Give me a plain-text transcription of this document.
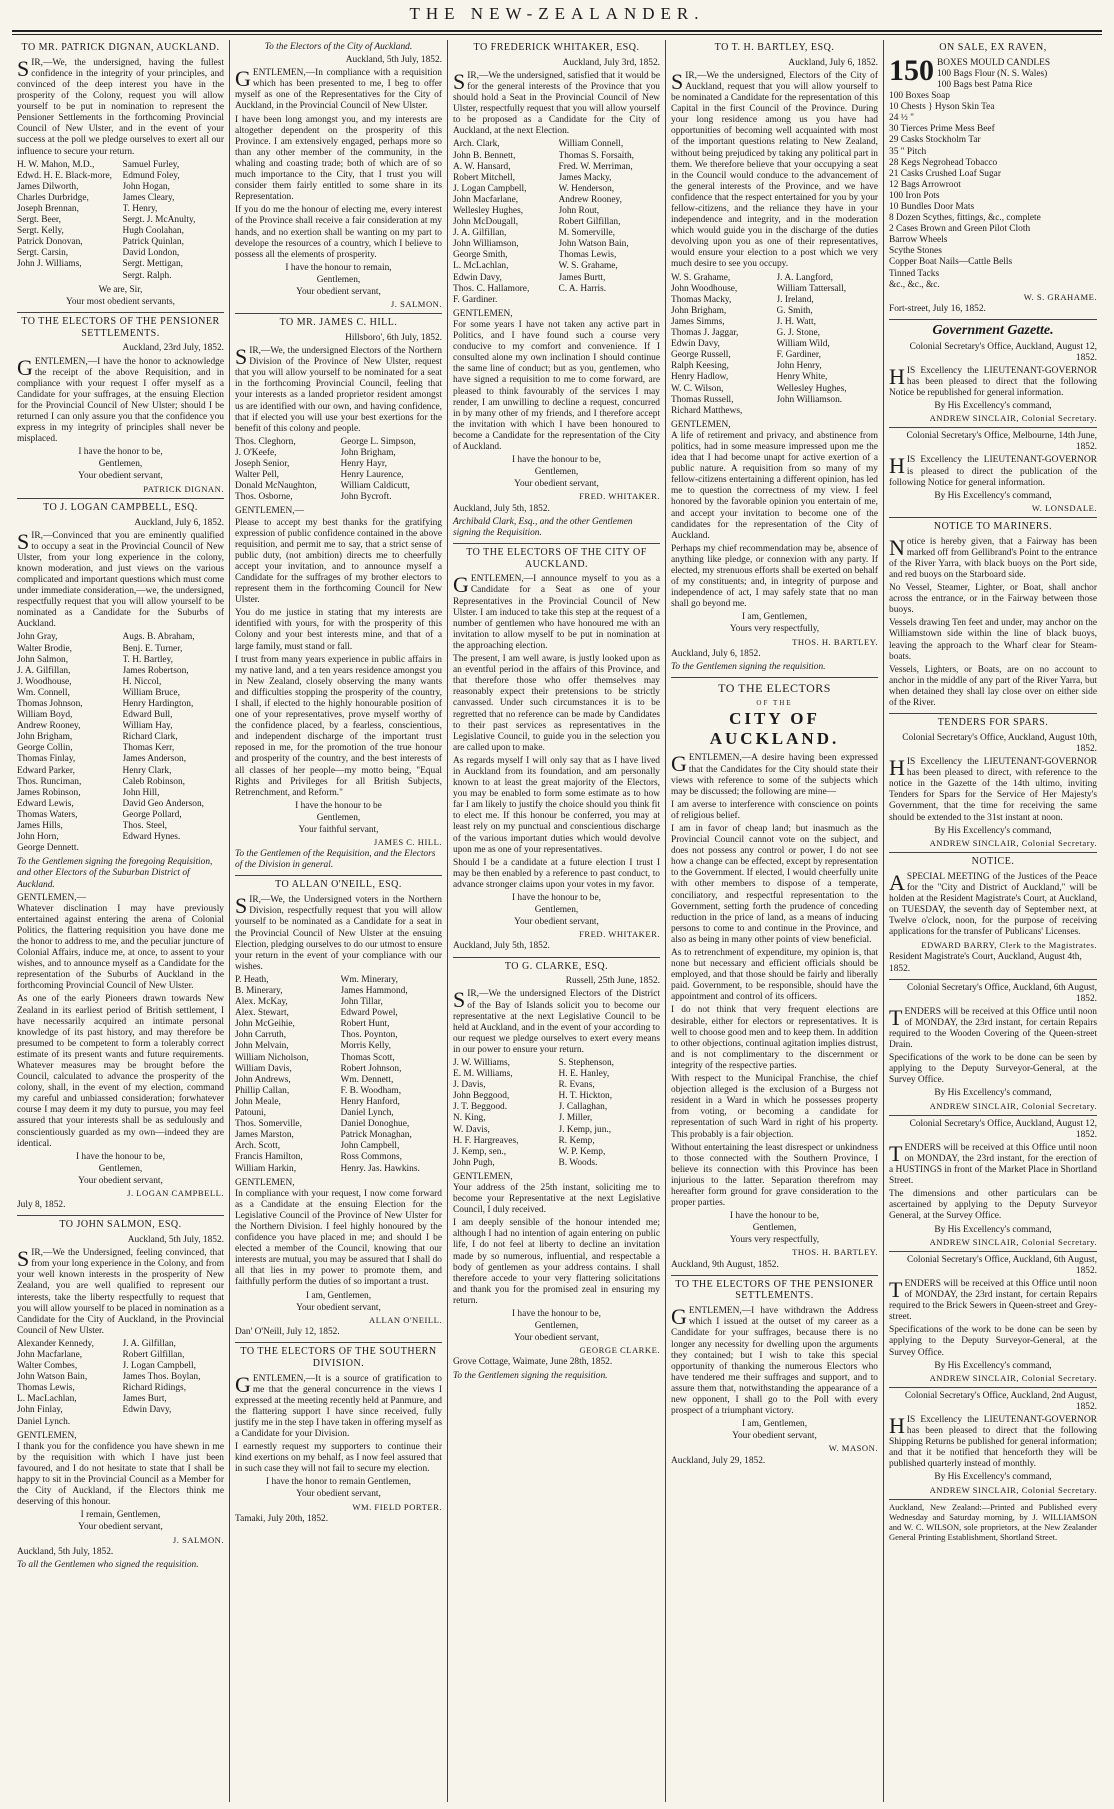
THE NEW-ZEALANDER.
TO MR. PATRICK DIGNAN, AUCKLAND.

SIR,—We, the undersigned, having the fullest confidence in the integrity of your principles, and convinced of the deep interest you have in the prosperity of the Colony, request you will allow yourself to be put in nomination to represent the Pensioner Settlements in the forthcoming Provincial Council of New Ulster, and in the event of your success at the poll we pledge ourselves to exert all our influence to secure your return.

H. W. Mahon, M.D.,	Samuel Furley,
Edwd. H. E. Black-more,	Edmund Foley,
James Dilworth,	John Hogan,
Charles Durbridge,	James Cleary,
Joseph Brennan,	T. Henry,
Sergt. Beer,	Sergt. J. McAnulty,
Sergt. Kelly,	Hugh Coolahan,
Patrick Donovan,	Patrick Quinlan,
Sergt. Carsin,	David London,
John J. Williams,	Sergt. Mettigan,
Sergt. Ralph.
We are, Sir,
Your most obedient servants,
TO THE ELECTORS OF THE PENSIONER SETTLEMENTS.
Auckland, 23rd July, 1852.

GENTLEMEN,—I have the honor to acknowledge the receipt of the above Requisition, and in compliance with your request I offer myself as a Candidate for your suffrages, at the ensuing Election for the Provincial Council of New Ulster; should I be returned I can only assure you that the confidence you express in my integrity of principles shall never be misplaced.

I have the honor to be,
Gentlemen,
Your obedient servant,
PATRICK DIGNAN.
TO J. LOGAN CAMPBELL, ESQ.
Auckland, July 6, 1852.

SIR,—Convinced that you are eminently qualified to occupy a seat in the Provincial Council of New Ulster, from your long experience in the colony, known moderation, and just views on the various complicated and important questions which must come under immediate consideration,—we, the undersigned, respectfully request that you will allow yourself to be nominated as a Candidate for the Suburbs of Auckland.

John Gray,	Augs. B. Abraham,
Walter Brodie,	Benj. E. Turner,
John Salmon,	T. H. Bartley,
J. A. Gilfillan,	James Robertson,
J. Woodhouse,	H. Niccol,
Wm. Connell,	William Bruce,
Thomas Johnson,	Henry Hardington,
William Boyd,	Edward Bull,
Andrew Rooney,	William Hay,
John Brigham,	Richard Clark,
George Collin,	Thomas Kerr,
Thomas Finlay,	James Anderson,
Edward Parker,	Henry Clark,
Thos. Runciman,	Caleb Robinson,
James Robinson,	John Hill,
Edward Lewis,	David Geo Anderson,
Thomas Waters,	George Pollard,
James Hills,	Thos. Steel,
John Horn,	Edward Hynes.
George Dennett.
To the Gentlemen signing the foregoing Requisition, and other Electors of the Suburban District of Auckland.
GENTLEMEN,—

Whatever disclination I may have previously entertained against entering the arena of Colonial Politics, the flattering requisition you have done me the honor to address to me, and the peculiar juncture of Colonial Affairs, induce me, at once, to assent to your wishes, and to announce myself as a Candidate for the representation of the Suburbs of Auckland in the forthcoming Provincial Council of New Ulster.

As one of the early Pioneers drawn towards New Zealand in its earliest period of British settlement, I have necessarily acquired an intimate personal knowledge of its past history, and may therefore be presumed to be competent to form a tolerably correct estimate of its present wants and future requirements. Whatever measures may be brought before the Council, calculated to advance the prosperity of the colony, shall, in the event of my election, command my careful and unbiassed consideration; forwhatever course I may deem it my duty to pursue, you may feel assured that your interests shall be as sedulously and conscientiously guarded as my own—indeed they are identical.

I have the honour to be,
Gentlemen,
Your obedient servant,
J. LOGAN CAMPBELL.
July 8, 1852.
TO JOHN SALMON, ESQ.
Auckland, 5th July, 1852.

SIR,—We the Undersigned, feeling convinced, that from your long experience in the Colony, and from your well known interests in the prosperity of New Zealand, you are well qualified to represent our interests, take the liberty respectfully to request that you will allow yourself to be placed in nomination as a Candidate for the City of Auckland, in the Provincial Council of New Ulster.

Alexander Kennedy,	J. A. Gilfillan,
John Macfarlane,	Robert Gilfillan,
Walter Combes,	J. Logan Campbell,
John Watson Bain,	James Thos. Boylan,
Thomas Lewis,	Richard Ridings,
L. MacLachlan,	James Burt,
John Finlay,	Edwin Davy,
Daniel Lynch.
GENTLEMEN,

I thank you for the confidence you have shewn in me by the requisition with which I have just been favoured, and I do not hesitate to state that I shall be happy to sit in the Provincial Council as a Member for the City of Auckland, if the Electors think me deserving of this honour.

I remain, Gentlemen,
Your obedient servant,
J. SALMON.
Auckland, 5th July, 1852.
To all the Gentlemen who signed the requisition.
To the Electors of the City of Auckland.
Auckland, 5th July, 1852.

GENTLEMEN,—In compliance with a requisition which has been presented to me, I beg to offer myself as one of the Representatives for the City of Auckland, in the Provincial Council of New Ulster.

I have been long amongst you, and my interests are altogether dependent on the prosperity of this Province. I am extensively engaged, perhaps more so than any other member of the community, in the whaling and coasting trade; both of which are of so much importance to the City, that I trust you will consider them fairly entitled to some share in its Representation.

If you do me the honour of electing me, every interest of the Province shall receive a fair consideration at my hands, and no exertion shall be wanting on my part to develope the resources of a country, which I believe to possess all the elements of prosperity.

I have the honour to remain,
Gentlemen,
Your obedient servant,
J. SALMON.
TO MR. JAMES C. HILL.
Hillsboro', 6th July, 1852.

SIR,—We, the undersigned Electors of the Northern Division of the Province of New Ulster, request that you will allow yourself to be nominated for a seat in the forthcoming Provincial Council, feeling that your interests as a landed proprietor resident amongst us are identified with our own, and having confidence, that if elected you will use your best exertions for the benefit of this colony and people.

Thos. Cleghorn,	George L. Simpson,
J. O'Keefe,	John Brigham,
Joseph Senior,	Henry Hayr,
Walter Pell,	Henry Laurence,
Donald McNaughton,	William Caldicutt,
Thos. Osborne,	John Bycroft.
GENTLEMEN,—

Please to accept my best thanks for the gratifying expression of public confidence contained in the above requisition, and permit me to say, that a strict sense of public duty, (not ambition) directs me to cheerfully accept your invitation, and to announce myself a Candidate for the suffrages of my brother electors to represent them in the forthcoming Council for New Ulster.

You do me justice in stating that my interests are identified with yours, for with the prosperity of this Colony and your best interests mine, and that of a large family, must stand or fall.

I trust from many years experience in public affairs in my native land, and a ten years residence amongst you in New Zealand, closely observing the many wants and difficulties stopping the prosperity of the country, I shall, if elected to the highly honourable position of one of your representatives, prove myself worthy of the confidence placed, by a fearless, conscientious, and independent discharge of the important trust reposed in me, for the promotion of the true honour and prosperity of the country, and the best interests of all classes of her people—my motto being, "Equal Rights and Privileges for all British Subjects, Retrenchment, and Reform."

I have the honour to be
Gentlemen,
Your faithful servant,
JAMES C. HILL.
To the Gentlemen of the Requisition, and the Electors of the Division in general.
TO ALLAN O'NEILL, ESQ.

SIR,—We, the Undersigned voters in the Northern Division, respectfully request that you will allow yourself to be nominated as a Candidate for a seat in the Provincial Council of New Ulster at the ensuing Election, pledging ourselves to do our utmost to ensure your return in the event of your compliance with our wishes.

P. Heath,	Wm. Minerary,
B. Minerary,	James Hammond,
Alex. McKay,	John Tillar,
Alex. Stewart,	Edward Powel,
John McGeihie,	Robert Hunt,
John Carruth,	Thos. Poynton,
John Melvain,	Morris Kelly,
William Nicholson,	Thomas Scott,
William Davis,	Robert Johnson,
John Andrews,	Wm. Dennett,
Phillip Callan,	F. B. Woodham,
John Meale,	Henry Hanford,
Patouni,	Daniel Lynch,
Thos. Somerville,	Daniel Donoghue,
James Marston,	Patrick Monaghan,
Arch. Scott,	John Campbell,
Francis Hamilton,	Ross Commons,
William Harkin,	Henry. Jas. Hawkins.
GENTLEMEN,

In compliance with your request, I now come forward as a Candidate at the ensuing Election for the Legislative Council of the Province of New Ulster for the Northern Division. I feel highly honoured by the confidence you have placed in me; and should I be elected a member of the Council, knowing that our interests are mutual, you may be assured that I shall do all that lies in my power to promote them, and faithfully perform the duties of so important a trust.

I am, Gentlemen,
Your obedient servant,
ALLAN O'NEILL.
Dan' O'Neill, July 12, 1852.
TO THE ELECTORS OF THE SOUTHERN DIVISION.

GENTLEMEN,—It is a source of gratification to me that the general concurrence in the views I expressed at the meeting recently held at Panmure, and the flattering support I have since received, fully justify me in the step I have taken in offering myself as a Candidate for your Division.

I earnestly request my supporters to continue their kind exertions on my behalf, as I now feel assured that in such case they will not fail to secure my election.

I have the honor to remain Gentlemen,
Your obedient servant,
WM. FIELD PORTER.
Tamaki, July 20th, 1852.
TO FREDERICK WHITAKER, ESQ.
Auckland, July 3rd, 1852.

SIR,—We the undersigned, satisfied that it would be for the general interests of the Province that you should hold a Seat in the Provincial Council of New Ulster, respectfully request that you will allow yourself to be proposed as a Candidate for the City of Auckland, at the next Election.

Arch. Clark,	William Connell,
John B. Bennett,	Thomas S. Forsaith,
A. W. Hansard,	Fred. W. Merriman,
Robert Mitchell,	James Macky,
J. Logan Campbell,	W. Henderson,
John Macfarlane,	Andrew Rooney,
Wellesley Hughes,	John Rout,
John McDougall,	Robert Gilfillan,
J. A. Gilfillan,	M. Somerville,
John Williamson,	John Watson Bain,
George Smith,	Thomas Lewis,
L. McLachlan,	W. S. Grahame,
Edwin Davy,	James Burtt,
Thos. C. Hallamore,	C. A. Harris.
F. Gardiner.
GENTLEMEN,

For some years I have not taken any active part in Politics, and I have found such a course very conducive to my comfort and convenience. If I consulted alone my own inclination I should continue the same line of conduct; but as you, gentlemen, who have signed a requisition to me to come forward, are pleased to think favourably of the services I may render, I am unwilling to decline a request, concurred in by many other of my friends, and I therefore accept the invitation with which I have been honoured to become a Candidate for the representation of the City of Auckland.

I have the honour to be,
Gentlemen,
Your obedient servant,
FRED. WHITAKER.
Auckland, July 5th, 1852.
Archibald Clark, Esq., and the other Gentlemen signing the Requisition.
TO THE ELECTORS OF THE CITY OF AUCKLAND.

GENTLEMEN,—I announce myself to you as a Candidate for a Seat as one of your Representatives in the Provincial Council of New Ulster. I am induced to take this step at the request of a number of gentlemen who have honoured me with an invitation to allow myself to be put in nomination at the approaching election.

The present, I am well aware, is justly looked upon as an eventful period in the affairs of this Province, and that therefore those who offer themselves may reasonably expect their pretensions to be strictly canvassed. Under such circumstances it is to be regretted that no reference can be made by Candidates to their past services as representatives in the Legislative Council, to guide you in the selection you are called upon to make.

As regards myself I will only say that as I have lived in Auckland from its foundation, and am personally known to at least the great majority of the Electors, you may be enabled to form some estimate as to how far I am likely to justify the choice should you think fit to elect me. If this honour be conferred, you may at least rely on my punctual and conscientious discharge of the various important duties which would devolve upon me as one of your representatives.

Should I be a candidate at a future election I trust I may be then enabled by a reference to past conduct, to advance stronger claims upon your votes in my favor.

I have the honour to be,
Gentlemen,
Your obedient servant,
FRED. WHITAKER.
Auckland, July 5th, 1852.
TO G. CLARKE, ESQ.
Russell, 25th June, 1852.

SIR,—We the undersigned Electors of the District of the Bay of Islands solicit you to become our representative at the next Legislative Council to be held at Auckland, and in the event of your according to our request we pledge ourselves to exert every means in our power to ensure your return.

J. W. Williams,	S. Stephenson,
E. M. Williams,	H. E. Hanley,
J. Davis,	R. Evans,
John Beggood,	H. T. Hickton,
J. T. Beggood.	J. Callaghan,
N. King,	J. Miller,
W. Davis,	J. Kemp, jun.,
H. F. Hargreaves,	R. Kemp,
J. Kemp, sen.,	W. P. Kemp,
John Pugh,	B. Woods.
GENTLEMEN,

Your address of the 25th instant, soliciting me to become your Representative at the next Legislative Council, I duly received.

I am deeply sensible of the honour intended me; although I had no intention of again entering on public life, I do not feel at liberty to decline an invitation made by so numerous, influential, and respectable a body of gentlemen as your address contains. I shall therefore accede to your very flattering solicitations and thank you for the promised zeal in ensuring my return.

I have the honour to be,
Gentlemen,
Your obedient servant,
GEORGE CLARKE.
Grove Cottage, Waimate, June 28th, 1852.
To the Gentlemen signing the requisition.
TO T. H. BARTLEY, ESQ.
Auckland, July 6, 1852.

SIR,—We the undersigned, Electors of the City of Auckland, request that you will allow yourself to be nominated a Candidate for the representation of this Capital in the first Council of the Province. During your long residence among us you have had opportunities of becoming well acquainted with most of the important questions relating to New Zealand, without being prejudiced by taking any political part in them. We therefore believe that your occupying a seat in the Council would conduce to the advancement of the general interests of the Province, and we have confidence that the respect entertained for you by your fellow-citizens, and the reliance they have in your independence and integrity, and in the moderation which would guide you in the discharge of the duties devolving upon you as one of their representatives, would ensure your election to a post which we very much desire to see you occupy.

W. S. Grahame,	J. A. Langford,
John Woodhouse,	William Tattersall,
Thomas Macky,	J. Ireland,
John Brigham,	G. Smith,
James Simms,	J. H. Watt,
Thomas J. Jaggar,	G. J. Stone,
Edwin Davy,	William Wild,
George Russell,	F. Gardiner,
Ralph Keesing,	John Henry,
Henry Hadlow,	Henry White,
W. C. Wilson,	Wellesley Hughes,
Thomas Russell,	John Williamson.
Richard Matthews,
GENTLEMEN,

A life of retirement and privacy, and abstinence from politics, had in some measure impressed upon me the idea that I had become unapt for active exertion of a public nature. A requisition from so many of my fellow-citizens entertaining a different opinion, has led me to question the correctness of my view. I feel honored by the favorable opinion you entertain of me, and accept your invitation to become one of the candidates for the representation of the City of Auckland.

Perhaps my chief recommendation may be, absence of anything like pledge, or connexion with any party. If elected, my strenuous efforts shall be exerted on behalf of my constituents; and, in integrity of purpose and independence of act, I may safely state that no man shall go beyond me.

I am, Gentlemen,
Yours very respectfully,
THOS. H. BARTLEY.
Auckland, July 6, 1852.
To the Gentlemen signing the requisition.
TO THE ELECTORS
OF THE
CITY OF AUCKLAND.

GENTLEMEN,—A desire having been expressed that the Candidates for the City should state their views with reference to some of the subjects which may be discussed; the following are mine—

I am averse to interference with conscience on points of religious belief.

I am in favor of cheap land; but inasmuch as the Provincial Council cannot vote on the subject, and does not possess any control or power, I do not see how a change can be effected, except by representation to the Government. If elected, I would cheerfully unite with other members to dispose of a temperate, conciliatory, and respectful representation to the Government, setting forth the prudence of conceding reduction in the price of land, as a means of inducing persons to come to and continue in the Province, and also as being in many other points of view beneficial.

As to retrenchment of expenditure, my opinion is, that none but necessary and efficient officials should be employed, and that those should be fairly and liberally paid. Government, to be responsible, should have the appointment and control of its officers.

I do not think that very frequent elections are desirable, either for electors or representatives. It is well to choose good men and to keep them. In addition to other objections, continual agitation implies distrust, and is not complimentary to the discernment or integrity of the respective parties.

With respect to the Municipal Franchise, the chief objection alleged is the exclusion of a Burgess not resident in a Ward in which he possesses property from voting, or becoming a candidate for representation of such Ward in right of his property. This probably is a fair objection.

Without entertaining the least disrespect or unkindness to those connected with the Southern Province, I believe its connection with this Province has been injurious to the latter. Separation therefrom may hereafter form ground for grave consideration to the proper parties.

I have the honour to be,
Gentlemen,
Yours very respectfully,
THOS. H. BARTLEY.
Auckland, 9th August, 1852.
TO THE ELECTORS OF THE PENSIONER SETTLEMENTS.

GENTLEMEN,—I have withdrawn the Address which I issued at the outset of my career as a Candidate for your suffrages, because there is no longer any necessity for dwelling upon the arguments they contained; but I wish to take this special opportunity of thanking the numerous Electors who have tendered me their suffrages and support, and to assure them that, notwithstanding the appearance of a new opponent, I shall go to the Poll with every prospect of a triumphant victory.

I am, Gentlemen,
Your obedient servant,
W. MASON.
Auckland, July 29, 1852.
ON SALE, EX RAVEN,
150 BOXES MOULD CANDLES
100 Bags Flour (N. S. Wales)
100 Bags best Patna Rice
100 Boxes Soap
10 Chests } Hyson Skin Tea
24 ½ "
30 Tierces Prime Mess Beef
29 Casks Stockholm Tar
35 " Pitch
28 Kegs Negrohead Tobacco
21 Casks Crushed Loaf Sugar
12 Bags Arrowroot
100 Iron Pots
10 Bundles Door Mats
8 Dozen Scythes, fittings, &c., complete
2 Cases Brown and Green Pilot Cloth
Barrow Wheels
Scythe Stones
Copper Boat Nails—Cattle Bells
Tinned Tacks
&c., &c., &c.
W. S. GRAHAME.
Fort-street, July 16, 1852.
Government Gazette.
Colonial Secretary's Office, Auckland, August 12, 1852.

HIS Excellency the LIEUTENANT-GOVERNOR has been pleased to direct that the following Notice be republished for general information.

By His Excellency's command,
ANDREW SINCLAIR, Colonial Secretary.
Colonial Secretary's Office, Melbourne, 14th June, 1852.

HIS Excellency the LIEUTENANT-GOVERNOR is pleased to direct the publication of the following Notice for general information.

By His Excellency's command,
W. LONSDALE.
NOTICE TO MARINERS.

Notice is hereby given, that a Fairway has been marked off from Gellibrand's Point to the entrance of the River Yarra, with black buoys on the Port side, and red buoys on the Starboard side.

No Vessel, Steamer, Lighter, or Boat, shall anchor across the entrance, or in the Fairway between those buoys.

Vessels drawing Ten feet and under, may anchor on the Williamstown side within the line of black buoys, leaving the approach to the Wharf clear for Steam-boats.

Vessels, Lighters, or Boats, are on no account to anchor in the middle of any part of the River Yarra, but when detained they shall lay close over on either side of the River.

TENDERS FOR SPARS.
Colonial Secretary's Office, Auckland, August 10th, 1852.

HIS Excellency the LIEUTENANT-GOVERNOR has been pleased to direct, with reference to the notice in the Gazette of the 14th ultimo, inviting Tenders for Spars for the Service of Her Majesty's Government, that the time for receiving the same should be extended to the 31st instant at noon.

By His Excellency's command,
ANDREW SINCLAIR, Colonial Secretary.
NOTICE.

ASPECIAL MEETING of the Justices of the Peace for the "City and District of Auckland," will be holden at the Resident Magistrate's Court, at Auckland, on TUESDAY, the seventh day of September next, at Twelve o'clock, noon, for the purpose of receiving applications for the transfer of Publicans' Licenses.

EDWARD BARRY, Clerk to the Magistrates.
Resident Magistrate's Court, Auckland, August 4th, 1852.
Colonial Secretary's Office, Auckland, 6th August, 1852.

TENDERS will be received at this Office until noon of MONDAY, the 23rd instant, for certain Repairs required to the Wooden Covering of the Queen-street Drain.

Specifications of the work to be done can be seen by applying to the Deputy Surveyor-General, at the Survey Office.

By His Excellency's command,
ANDREW SINCLAIR, Colonial Secretary.
Colonial Secretary's Office, Auckland, August 12, 1852.

TENDERS will be received at this Office until noon on MONDAY, the 23rd instant, for the erection of a HUSTINGS in front of the Market Place in Shortland Street.

The dimensions and other particulars can be ascertained by applying to the Deputy Surveyor General, at the Survey Office.

By His Excellency's command,
ANDREW SINCLAIR, Colonial Secretary.
Colonial Secretary's Office, Auckland, 6th August, 1852.

TENDERS will be received at this Office until noon of MONDAY, the 23rd instant, for certain Repairs required to the Brick Sewers in Queen-street and Grey-street.

Specifications of the work to be done can be seen by applying to the Deputy Surveyor-General, at the Survey Office.

By His Excellency's command,
ANDREW SINCLAIR, Colonial Secretary.
Colonial Secretary's Office, Auckland, 2nd August, 1852.

HIS Excellency the LIEUTENANT-GOVERNOR has been pleased to direct that the following Shipping Returns be published for general information; and that it be notified that henceforth they will be published quarterly instead of monthly.

By His Excellency's command,
ANDREW SINCLAIR, Colonial Secretary.
Auckland, New Zealand:—Printed and Published every Wednesday and Saturday morning, by J. WILLIAMSON and W. C. WILSON, sole proprietors, at the New Zealander General Printing Establishment, Shortland Street.
